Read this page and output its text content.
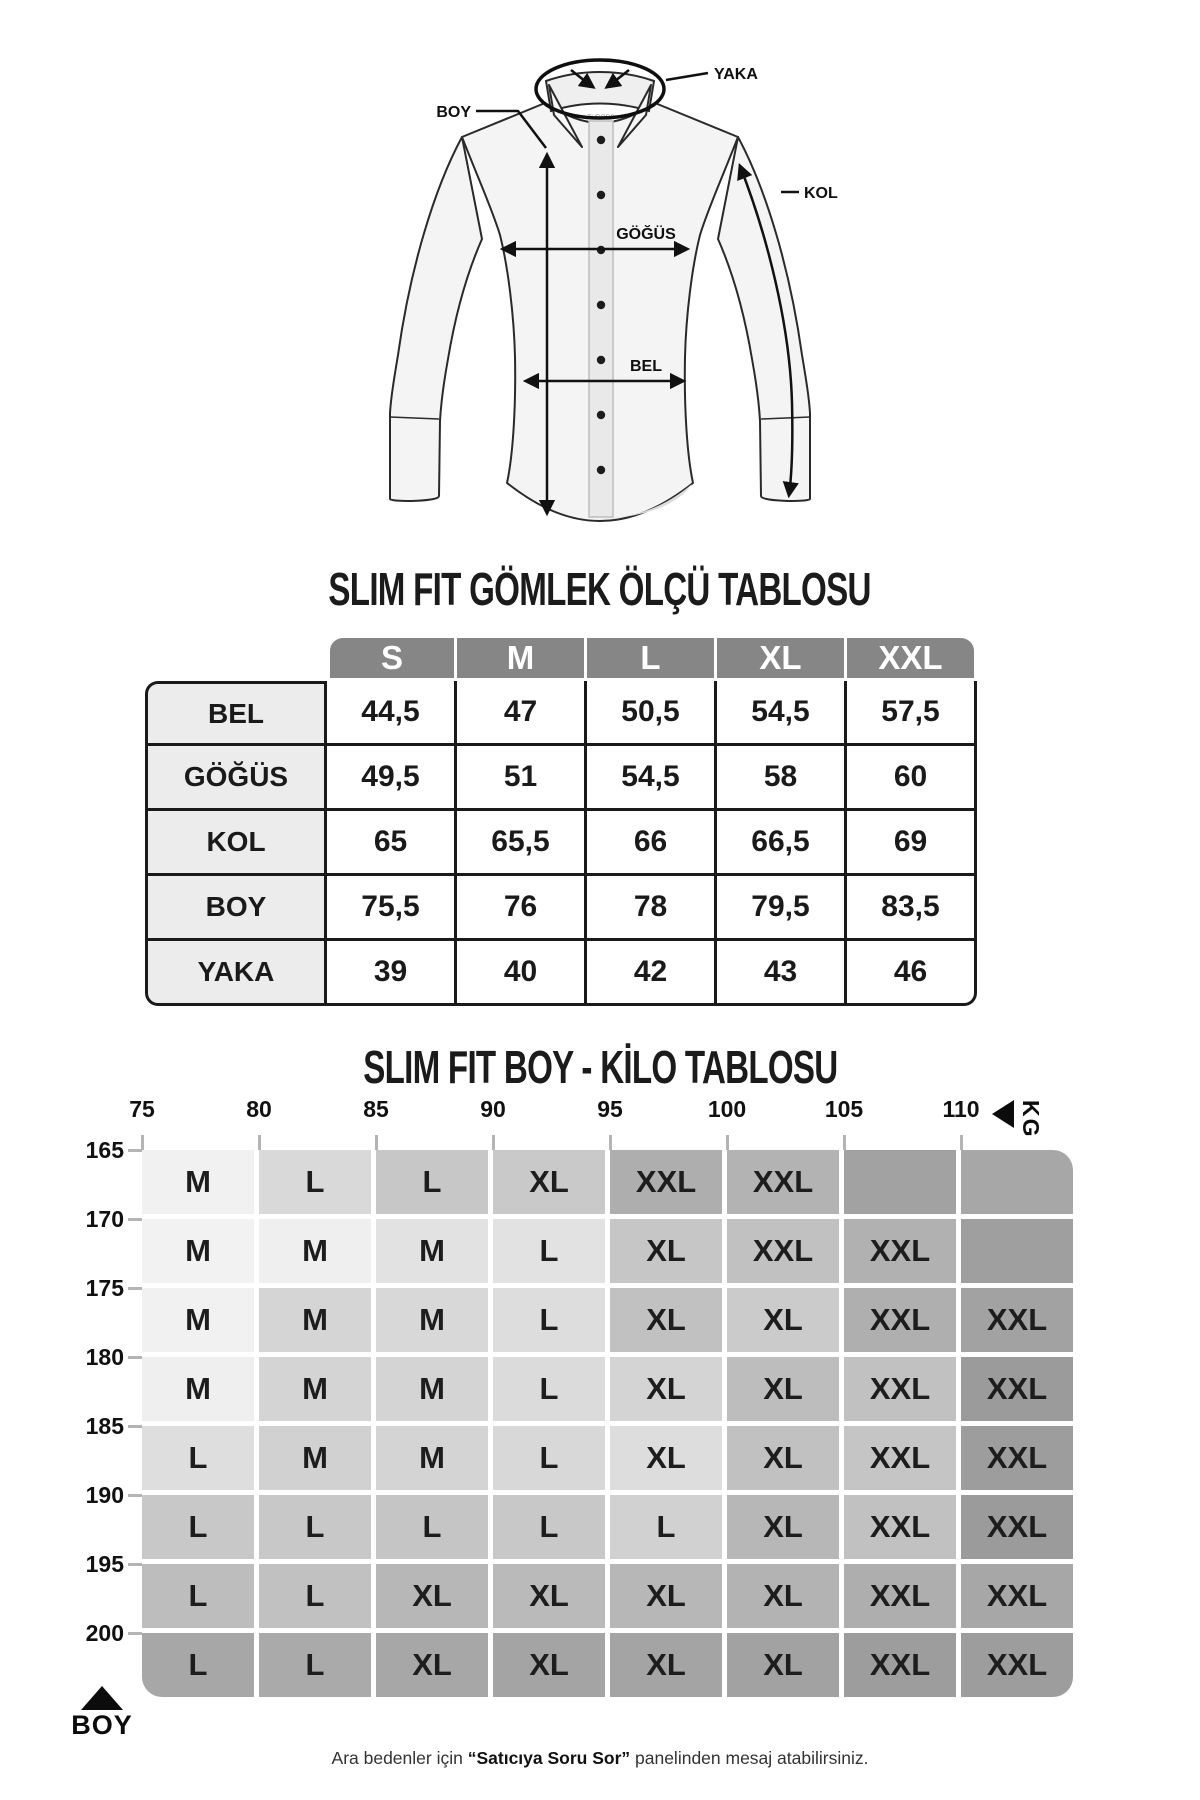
TUDORS
YAKA
BOY
KOL
GÖĞÜS
BEL
SLIM FIT GÖMLEK ÖLÇÜ TABLOSU
S	M	L	XL	XXL
BEL	44,5	47	50,5	54,5	57,5
GÖĞÜS	49,5	51	54,5	58	60
KOL	65	65,5	66	66,5	69
BOY	75,5	76	78	79,5	83,5
YAKA	39	40	42	43	46
SLIM FIT BOY - KİLO TABLOSU
75	80	85	90	95	100	105	110	KG
165
170
175
180
185
190
195
200
M	L	L	XL	XXL	XXL
M	M	M	L	XL	XXL	XXL
M	M	M	L	XL	XL	XXL	XXL
M	M	M	L	XL	XL	XXL	XXL
L	M	M	L	XL	XL	XXL	XXL
L	L	L	L	L	XL	XXL	XXL
L	L	XL	XL	XL	XL	XXL	XXL
L	L	XL	XL	XL	XL	XXL	XXL
BOY
Ara bedenler için “Satıcıya Soru Sor” panelinden mesaj atabilirsiniz.
